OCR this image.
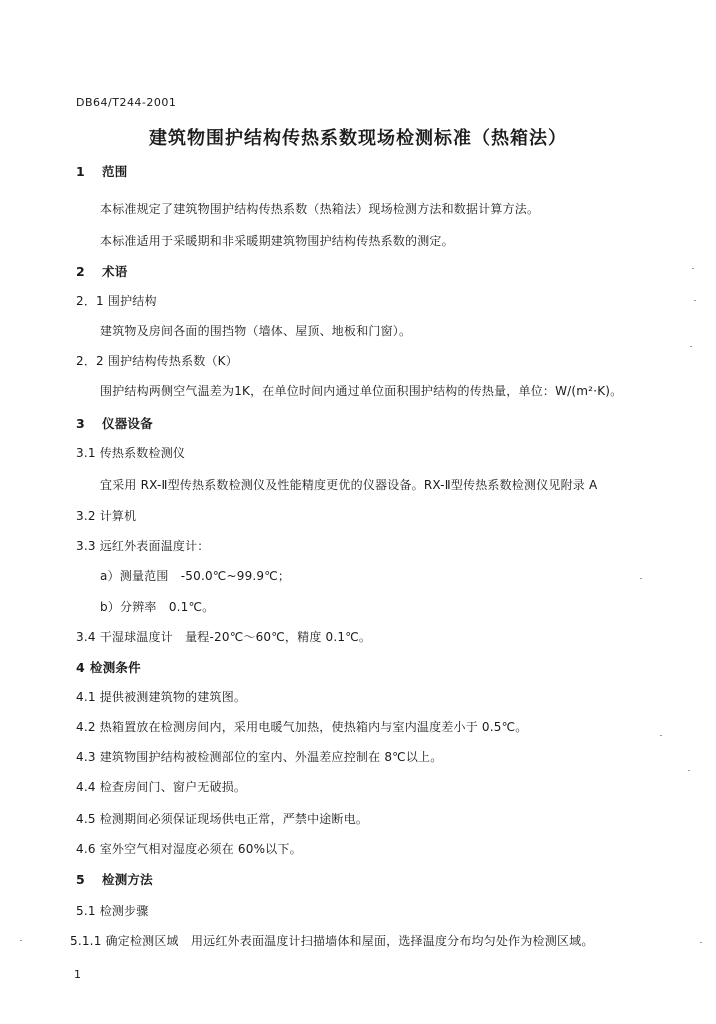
DB64/T244-2001
建筑物围护结构传热系数现场检测标准（热箱法）
1 范围
本标准规定了建筑物围护结构传热系数（热箱法）现场检测方法和数据计算方法。
本标准适用于采暖期和非采暖期建筑物围护结构传热系数的测定。
2 术语
2．1 围护结构
建筑物及房间各面的围挡物（墙体、屋顶、地板和门窗）。
2．2 围护结构传热系数（K）
围护结构两侧空气温差为1K，在单位时间内通过单位面积围护结构的传热量，单位：W/(m²·K)。
3 仪器设备
3.1 传热系数检测仪
宜采用 RX-Ⅱ型传热系数检测仪及性能精度更优的仪器设备。RX-Ⅱ型传热系数检测仪见附录 A
3.2 计算机
3.3 远红外表面温度计：
a）测量范围　-50.0℃~99.9℃；
b）分辨率　0.1℃。
3.4 干湿球温度计　量程-20℃～60℃，精度 0.1℃。
4 检测条件
4.1 提供被测建筑物的建筑图。
4.2 热箱置放在检测房间内，采用电暖气加热，使热箱内与室内温度差小于 0.5℃。
4.3 建筑物围护结构被检测部位的室内、外温差应控制在 8℃以上。
4.4 检查房间门、窗户无破损。
4.5 检测期间必须保证现场供电正常，严禁中途断电。
4.6 室外空气相对湿度必须在 60%以下。
5 检测方法
5.1 检测步骤
5.1.1 确定检测区域　用远红外表面温度计扫描墙体和屋面，选择温度分布均匀处作为检测区域。
1
